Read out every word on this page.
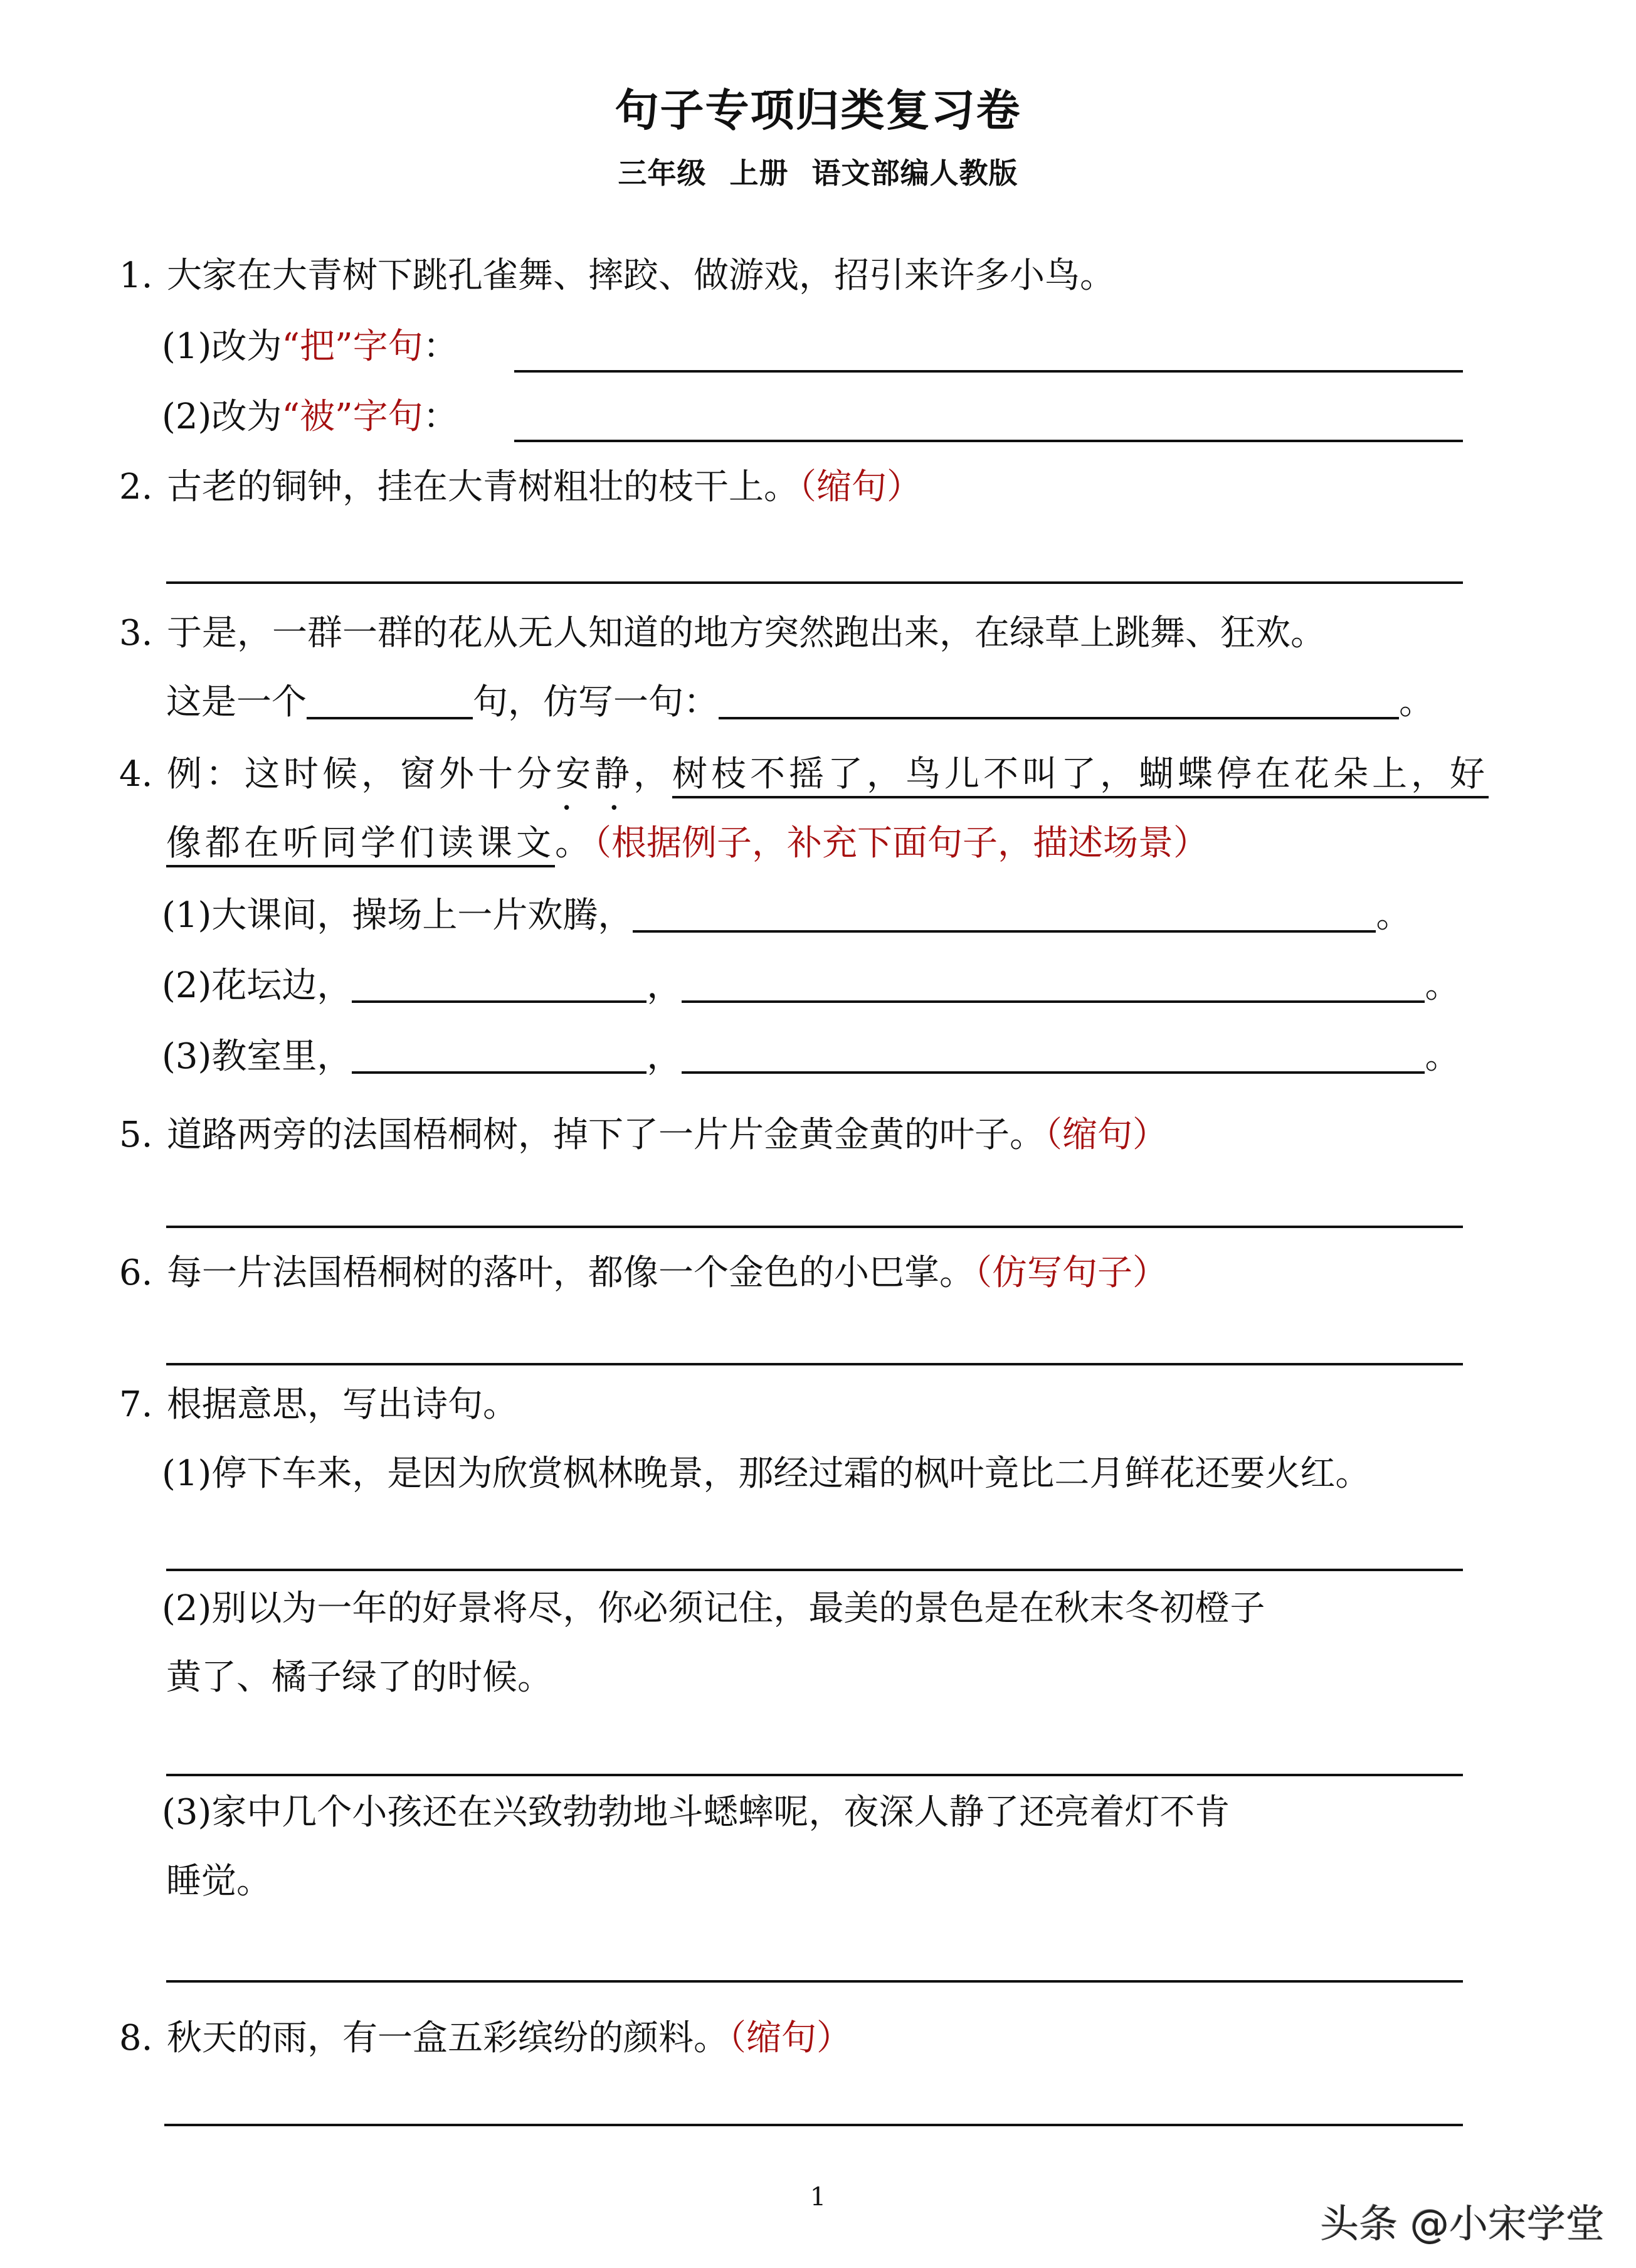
句子专项归类复习卷
三年级 上册 语文部编人教版
1. 大家在大青树下跳孔雀舞、摔跤、做游戏，招引来许多小鸟。
(1)改为“把”字句：
(2)改为“被”字句：
2. 古老的铜钟，挂在大青树粗壮的枝干上。（缩句）
3. 于是，一群一群的花从无人知道的地方突然跑出来，在绿草上跳舞、狂欢。
这是一个	句，仿写一句：	。
4. 例：这时候，窗外十分安静 • •，树枝不摇了，鸟儿不叫了，蝴蝶停在花朵上，好
像都在听同学们读课文。（根据例子，补充下面句子，描述场景）
(1)大课间，操场上一片欢腾，	。
(2)花坛边，	，	。
(3)教室里，	，	。
5. 道路两旁的法国梧桐树，掉下了一片片金黄金黄的叶子。（缩句）
6. 每一片法国梧桐树的落叶，都像一个金色的小巴掌。（仿写句子）
7. 根据意思，写出诗句。
(1)停下车来，是因为欣赏枫林晚景，那经过霜的枫叶竟比二月鲜花还要火红。
(2)别以为一年的好景将尽，你必须记住，最美的景色是在秋末冬初橙子
黄了、橘子绿了的时候。
(3)家中几个小孩还在兴致勃勃地斗蟋蟀呢，夜深人静了还亮着灯不肯
睡觉。
8. 秋天的雨，有一盒五彩缤纷的颜料。（缩句）
1
头条 @小宋学堂
